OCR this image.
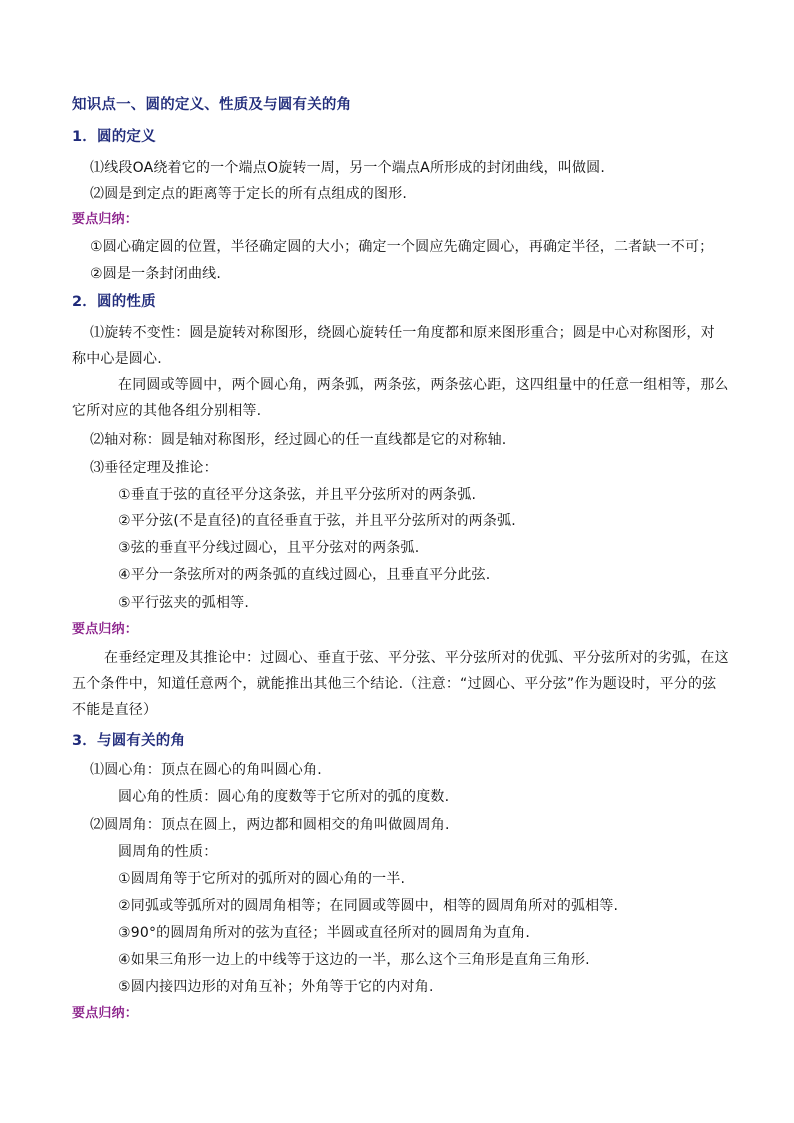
知识点一、圆的定义、性质及与圆有关的角
1．圆的定义
⑴线段OA绕着它的一个端点O旋转一周，另一个端点A所形成的封闭曲线，叫做圆.
⑵圆是到定点的距离等于定长的所有点组成的图形.
要点归纳：
①圆心确定圆的位置，半径确定圆的大小；确定一个圆应先确定圆心，再确定半径，二者缺一不可；
②圆是一条封闭曲线.
2．圆的性质
⑴旋转不变性：圆是旋转对称图形，绕圆心旋转任一角度都和原来图形重合；圆是中心对称图形，对
称中心是圆心.
在同圆或等圆中，两个圆心角，两条弧，两条弦，两条弦心距，这四组量中的任意一组相等，那么
它所对应的其他各组分别相等.
⑵轴对称：圆是轴对称图形，经过圆心的任一直线都是它的对称轴.
⑶垂径定理及推论：
①垂直于弦的直径平分这条弦，并且平分弦所对的两条弧.
②平分弦(不是直径)的直径垂直于弦，并且平分弦所对的两条弧.
③弦的垂直平分线过圆心，且平分弦对的两条弧.
④平分一条弦所对的两条弧的直线过圆心，且垂直平分此弦.
⑤平行弦夹的弧相等.
要点归纳：
在垂经定理及其推论中：过圆心、垂直于弦、平分弦、平分弦所对的优弧、平分弦所对的劣弧，在这
五个条件中，知道任意两个，就能推出其他三个结论.（注意：“过圆心、平分弦”作为题设时，平分的弦
不能是直径）
3．与圆有关的角
⑴圆心角：顶点在圆心的角叫圆心角.
圆心角的性质：圆心角的度数等于它所对的弧的度数.
⑵圆周角：顶点在圆上，两边都和圆相交的角叫做圆周角.
圆周角的性质：
①圆周角等于它所对的弧所对的圆心角的一半.
②同弧或等弧所对的圆周角相等；在同圆或等圆中，相等的圆周角所对的弧相等.
③90°的圆周角所对的弦为直径；半圆或直径所对的圆周角为直角.
④如果三角形一边上的中线等于这边的一半，那么这个三角形是直角三角形.
⑤圆内接四边形的对角互补；外角等于它的内对角.
要点归纳：
